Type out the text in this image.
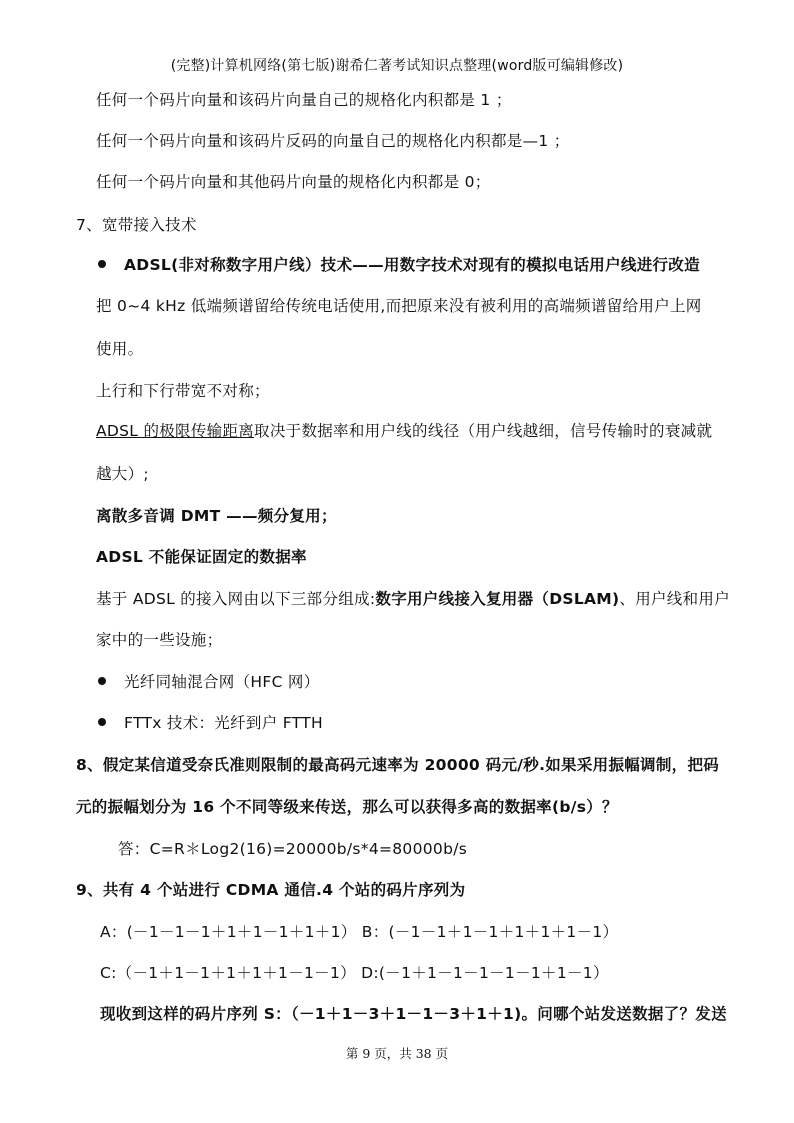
(完整)计算机网络(第七版)谢希仁著考试知识点整理(word版可编辑修改)
任何一个码片向量和该码片向量自己的规格化内积都是 1 ；
任何一个码片向量和该码片反码的向量自己的规格化内积都是—1 ；
任何一个码片向量和其他码片向量的规格化内积都是 0；
7、宽带接入技术
ADSL(非对称数字用户线）技术——用数字技术对现有的模拟电话用户线进行改造
把 0~4 kHz 低端频谱留给传统电话使用,而把原来没有被利用的高端频谱留给用户上网
使用。
上行和下行带宽不对称；
ADSL 的极限传输距离取决于数据率和用户线的线径（用户线越细，信号传输时的衰减就
越大）;
离散多音调 DMT ——频分复用；
ADSL 不能保证固定的数据率
基于 ADSL 的接入网由以下三部分组成:数字用户线接入复用器（DSLAM)、用户线和用户
家中的一些设施；
光纤同轴混合网（HFC 网）
FTTx 技术：光纤到户 FTTH
8、假定某信道受奈氏准则限制的最高码元速率为 20000 码元/秒.如果采用振幅调制，把码
元的振幅划分为 16 个不同等级来传送，那么可以获得多高的数据率(b/s）？
答：C=R＊Log2(16)=20000b/s*4=80000b/s
9、共有 4 个站进行 CDMA 通信.4 个站的码片序列为
A：(－1－1－1＋1＋1－1＋1＋1） B：(－1－1＋1－1＋1＋1＋1－1）
C:（－1＋1－1＋1＋1＋1－1－1） D:(－1＋1－1－1－1－1＋1－1）
现收到这样的码片序列 S：（－1＋1－3＋1－1－3＋1＋1)。问哪个站发送数据了？发送
第 9 页，共 38 页
